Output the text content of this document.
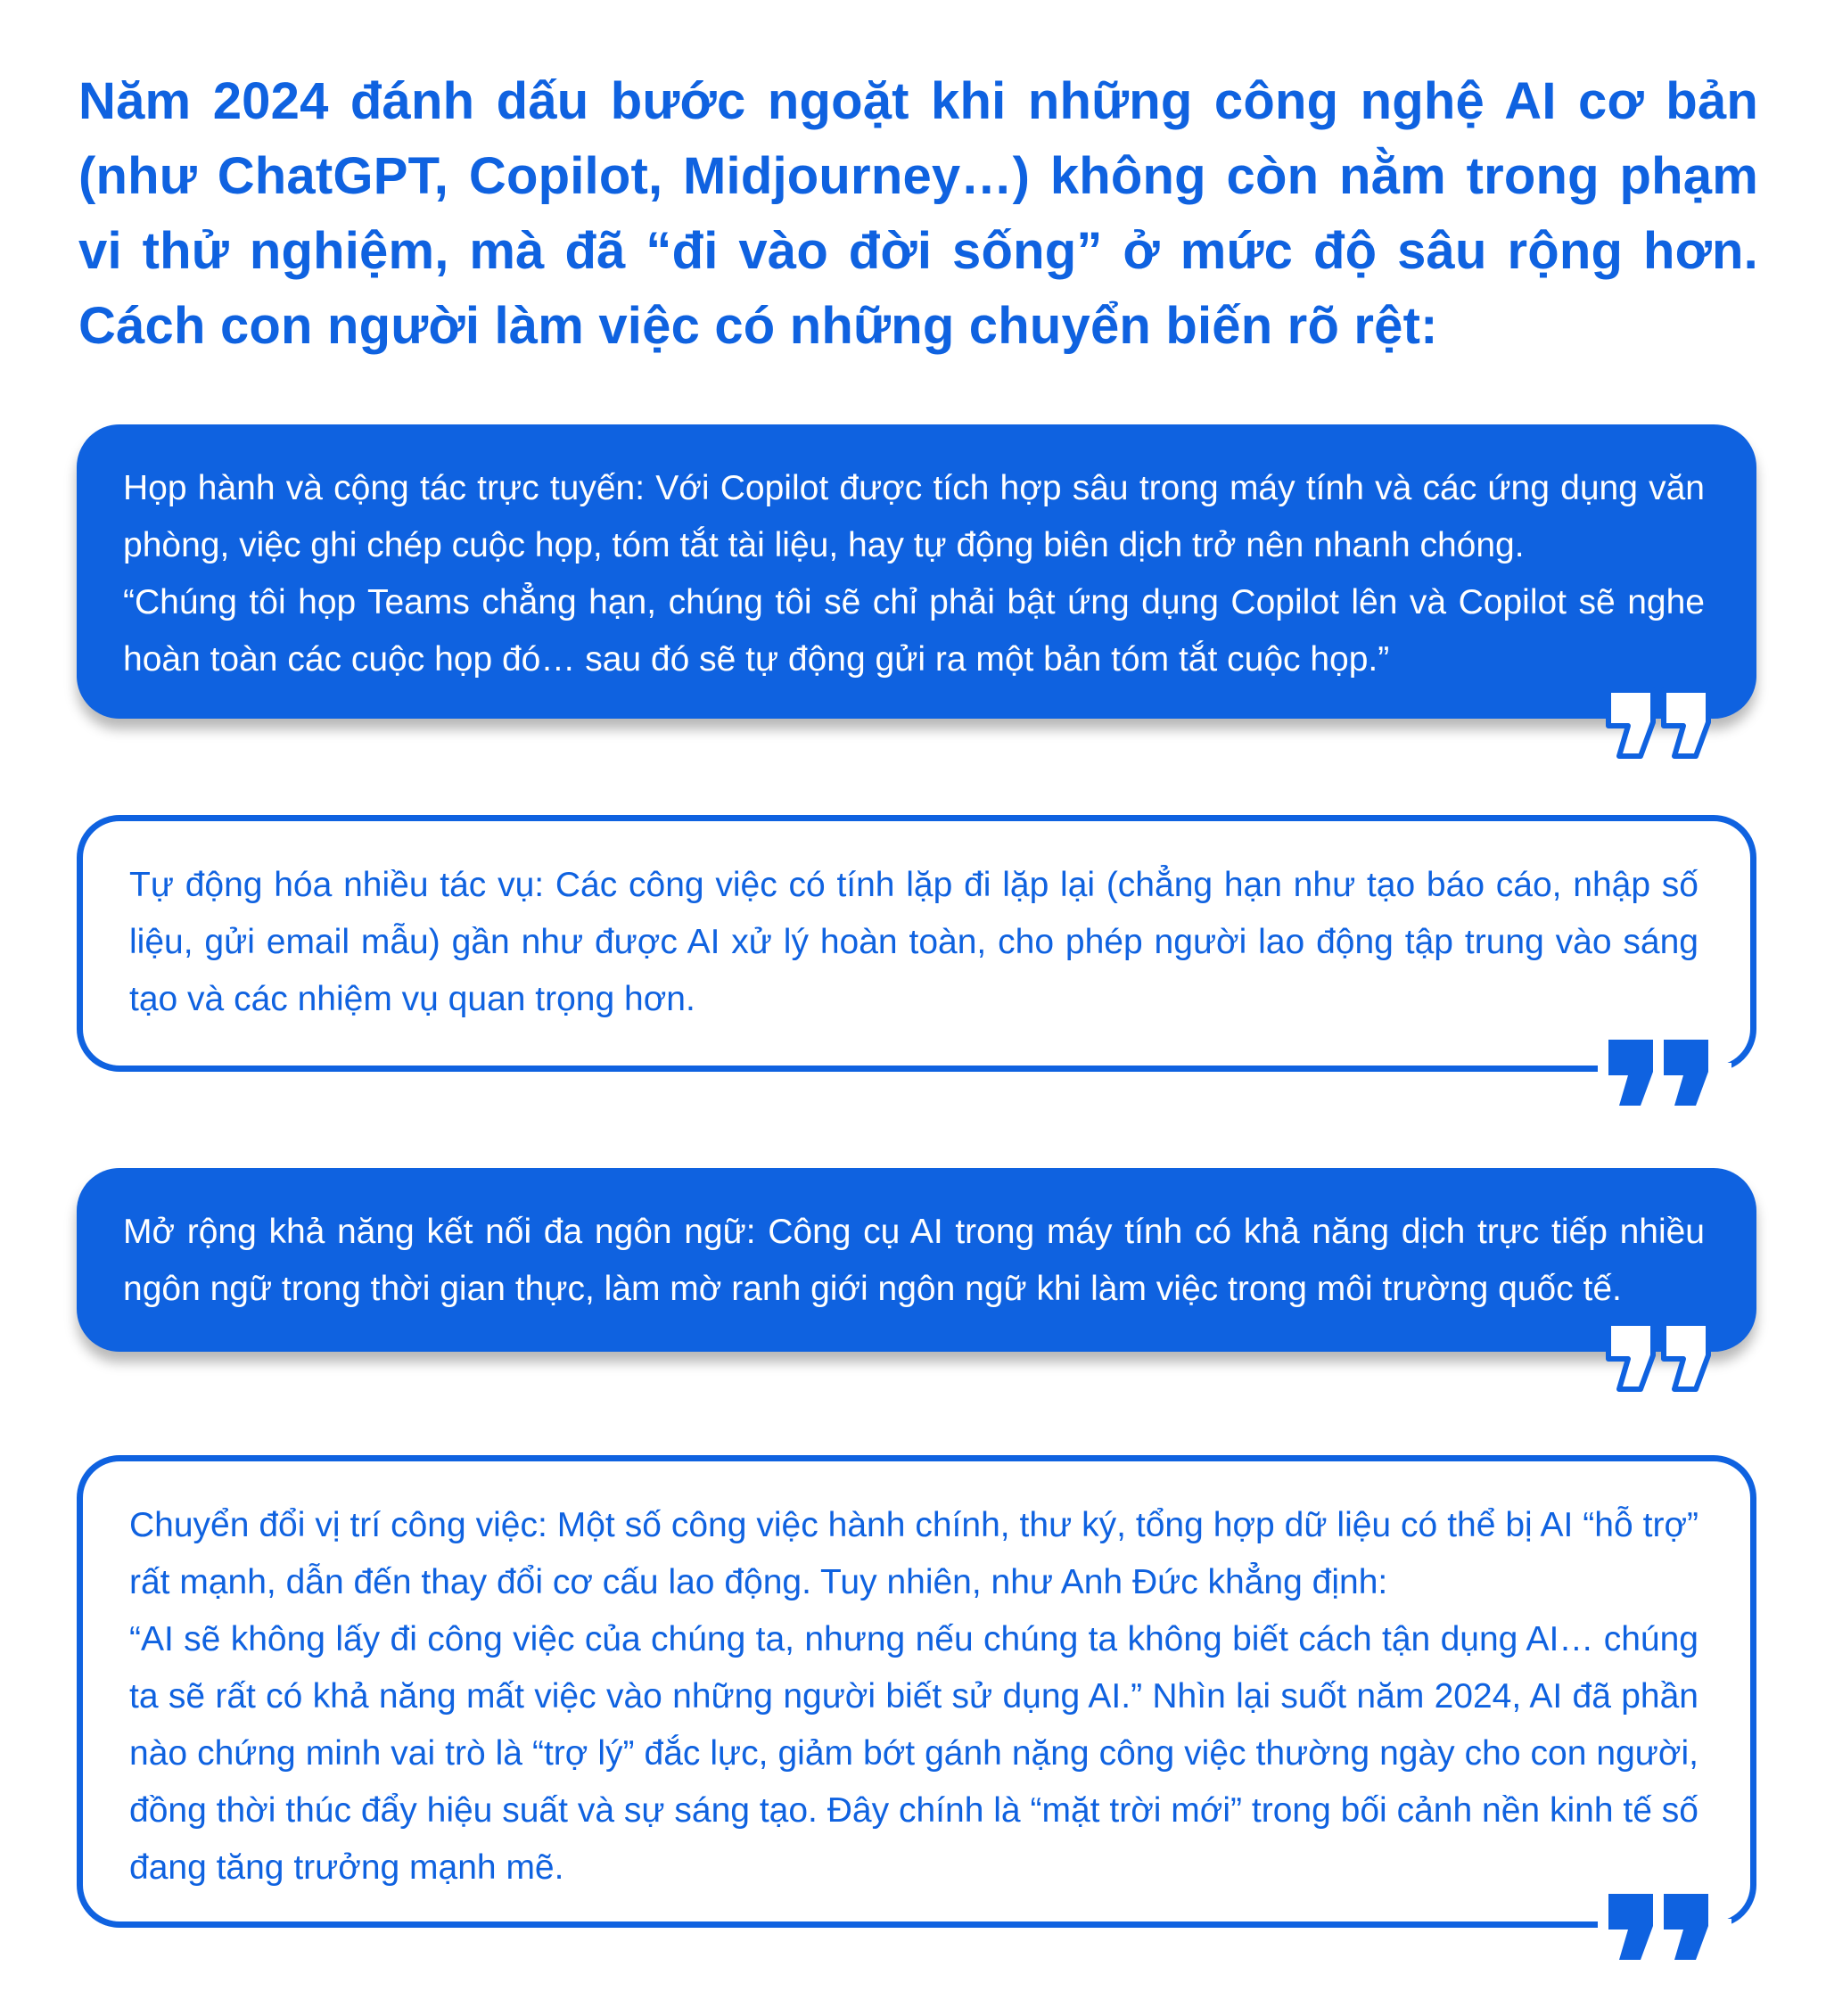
Năm 2024 đánh dấu bước ngoặt khi những công nghệ AI cơ bản (như ChatGPT, Copilot, Midjourney…) không còn nằm trong phạm vi thử nghiệm, mà đã “đi vào đời sống” ở mức độ sâu rộng hơn. Cách con người làm việc có những chuyển biến rõ rệt:

Họp hành và cộng tác trực tuyến: Với Copilot được tích hợp sâu trong máy tính và các ứng dụng văn phòng, việc ghi chép cuộc họp, tóm tắt tài liệu, hay tự động biên dịch trở nên nhanh chóng.

“Chúng tôi họp Teams chẳng hạn, chúng tôi sẽ chỉ phải bật ứng dụng Copilot lên và Copilot sẽ nghe hoàn toàn các cuộc họp đó… sau đó sẽ tự động gửi ra một bản tóm tắt cuộc họp.”

Tự động hóa nhiều tác vụ: Các công việc có tính lặp đi lặp lại (chẳng hạn như tạo báo cáo, nhập số liệu, gửi email mẫu) gần như được AI xử lý hoàn toàn, cho phép người lao động tập trung vào sáng tạo và các nhiệm vụ quan trọng hơn.

Mở rộng khả năng kết nối đa ngôn ngữ: Công cụ AI trong máy tính có khả năng dịch trực tiếp nhiều ngôn ngữ trong thời gian thực, làm mờ ranh giới ngôn ngữ khi làm việc trong môi trường quốc tế.

Chuyển đổi vị trí công việc: Một số công việc hành chính, thư ký, tổng hợp dữ liệu có thể bị AI “hỗ trợ” rất mạnh, dẫn đến thay đổi cơ cấu lao động. Tuy nhiên, như Anh Đức khẳng định:

“AI sẽ không lấy đi công việc của chúng ta, nhưng nếu chúng ta không biết cách tận dụng AI… chúng ta sẽ rất có khả năng mất việc vào những người biết sử dụng AI.” Nhìn lại suốt năm 2024, AI đã phần nào chứng minh vai trò là “trợ lý” đắc lực, giảm bớt gánh nặng công việc thường ngày cho con người, đồng thời thúc đẩy hiệu suất và sự sáng tạo. Đây chính là “mặt trời mới” trong bối cảnh nền kinh tế số đang tăng trưởng mạnh mẽ.
